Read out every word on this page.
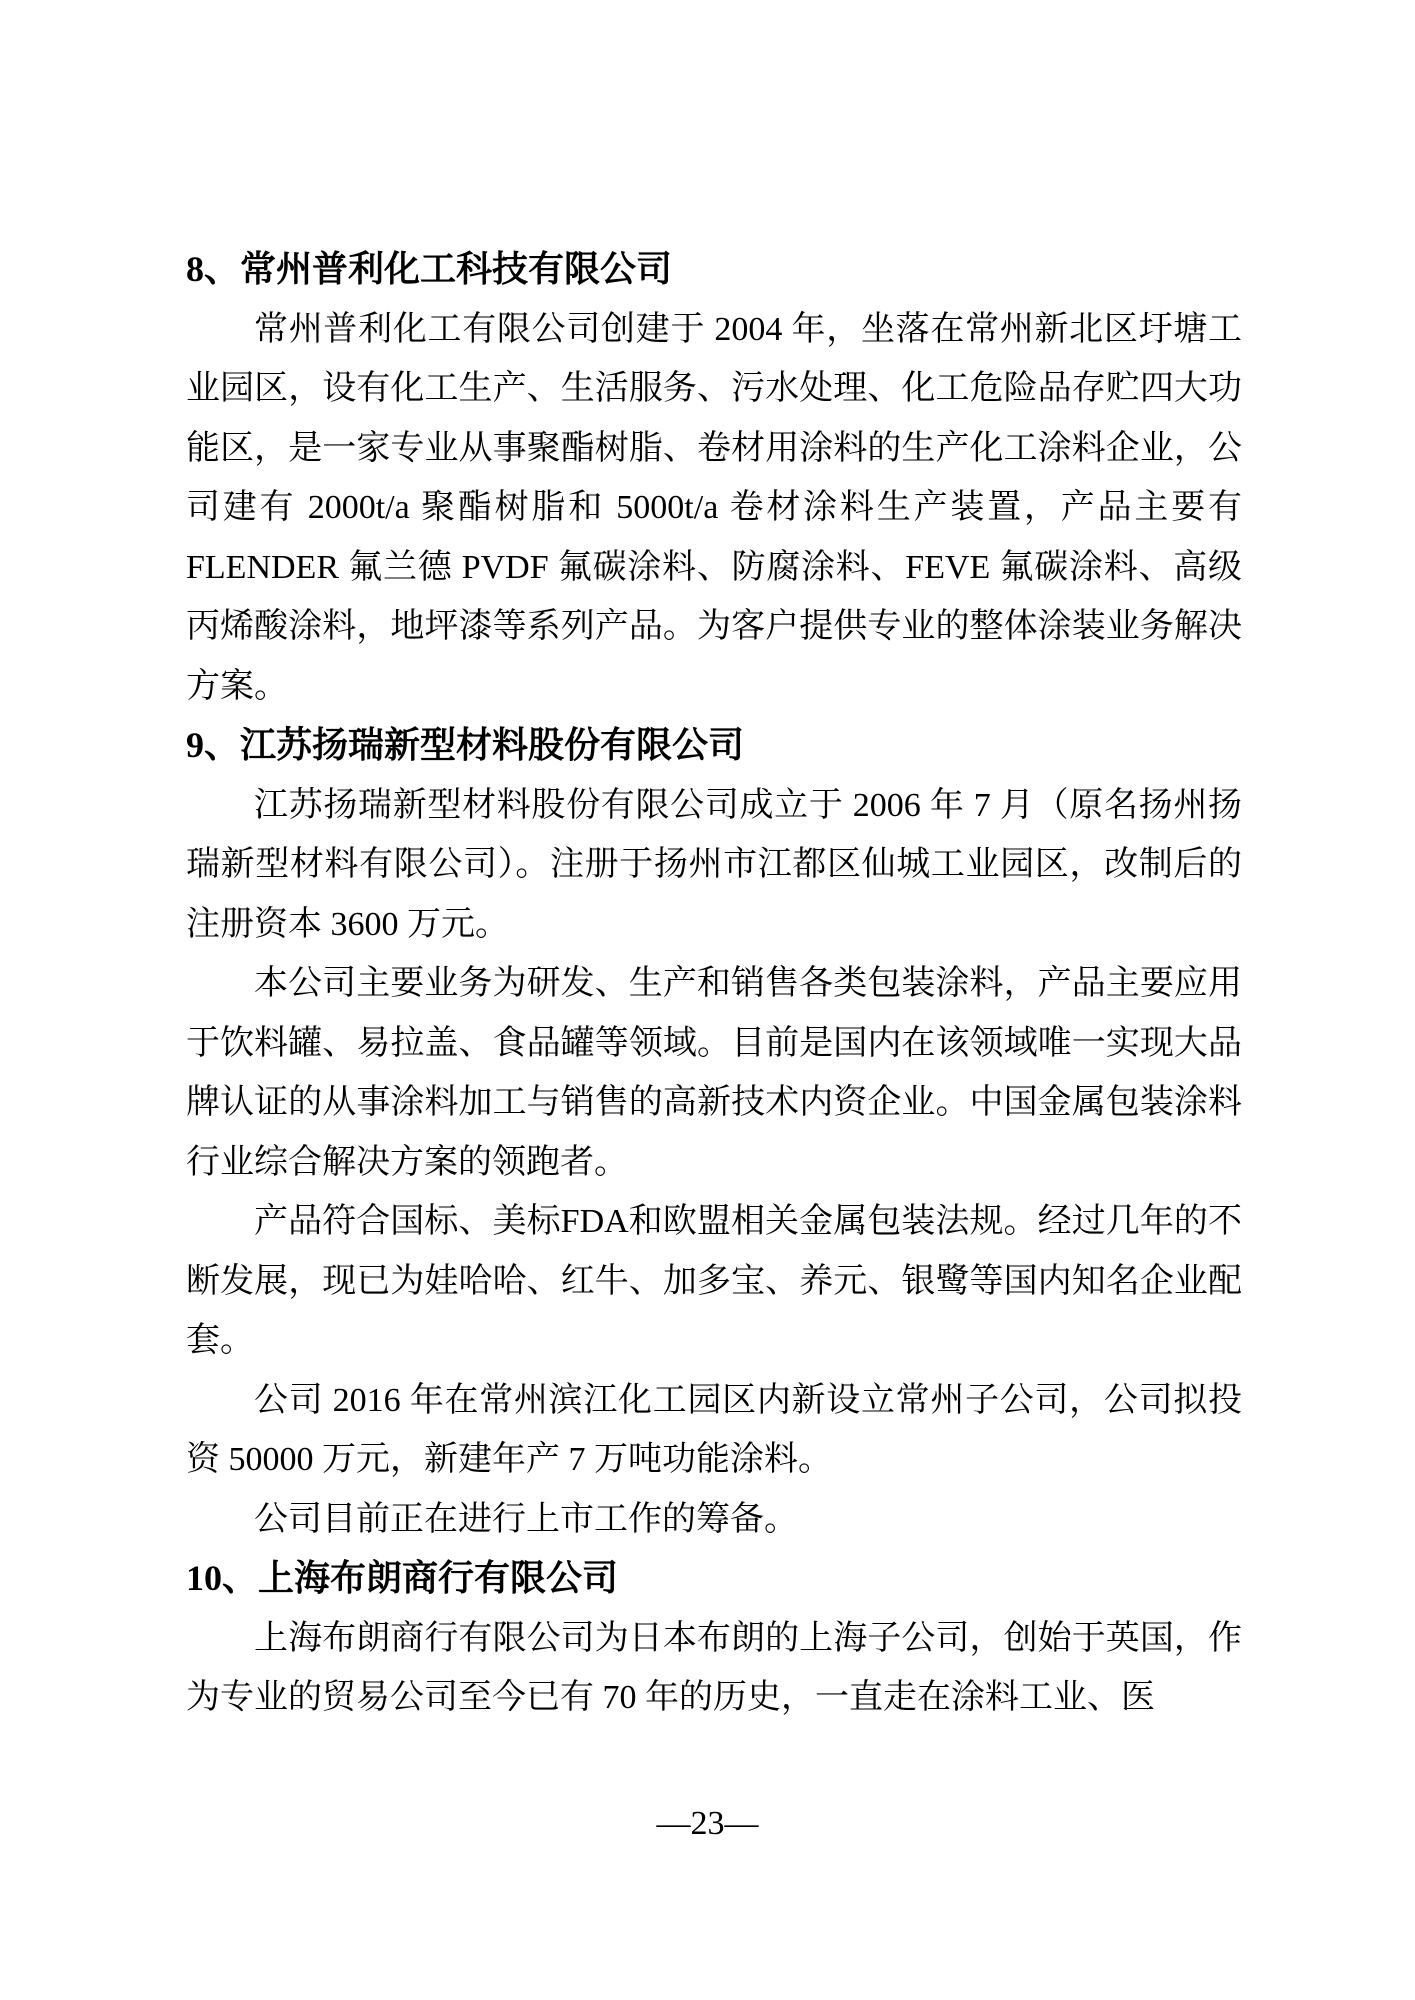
8、常州普利化工科技有限公司

常州普利化工有限公司创建于 2004 年，坐落在常州新北区圩塘工业园区，设有化工生产、生活服务、污水处理、化工危险品存贮四大功能区，是一家专业从事聚酯树脂、卷材用涂料的生产化工涂料企业，公司建有 2000t/a 聚酯树脂和 5000t/a 卷材涂料生产装置，产品主要有 FLENDER 氟兰德 PVDF 氟碳涂料、防腐涂料、FEVE 氟碳涂料、高级丙烯酸涂料，地坪漆等系列产品。为客户提供专业的整体涂装业务解决方案。

9、江苏扬瑞新型材料股份有限公司

江苏扬瑞新型材料股份有限公司成立于 2006 年 7 月（原名扬州扬瑞新型材料有限公司）。注册于扬州市江都区仙城工业园区，改制后的注册资本 3600 万元。

本公司主要业务为研发、生产和销售各类包装涂料，产品主要应用于饮料罐、易拉盖、食品罐等领域。目前是国内在该领域唯一实现大品牌认证的从事涂料加工与销售的高新技术内资企业。中国金属包装涂料行业综合解决方案的领跑者。

产品符合国标、美标FDA和欧盟相关金属包装法规。经过几年的不断发展，现已为娃哈哈、红牛、加多宝、养元、银鹭等国内知名企业配套。

公司 2016 年在常州滨江化工园区内新设立常州子公司，公司拟投资 50000 万元，新建年产 7 万吨功能涂料。

公司目前正在进行上市工作的筹备。

10、上海布朗商行有限公司

上海布朗商行有限公司为日本布朗的上海子公司，创始于英国，作为专业的贸易公司至今已有 70 年的历史，一直走在涂料工业、医

—23—
